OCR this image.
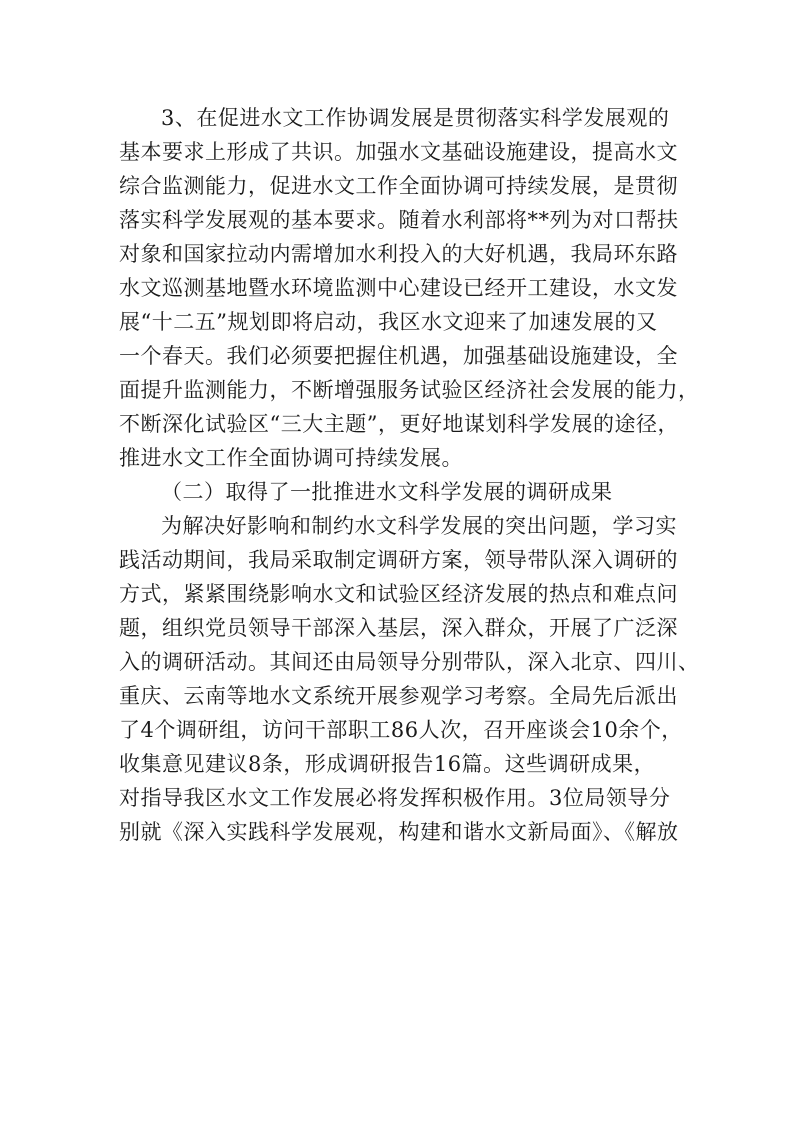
3、在促进水文工作协调发展是贯彻落实科学发展观的
基本要求上形成了共识。加强水文基础设施建设，提高水文
综合监测能力，促进水文工作全面协调可持续发展，是贯彻
落实科学发展观的基本要求。随着水利部将**列为对口帮扶
对象和国家拉动内需增加水利投入的大好机遇，我局环东路
水文巡测基地暨水环境监测中心建设已经开工建设，水文发
展“十二五”规划即将启动，我区水文迎来了加速发展的又
一个春天。我们必须要把握住机遇，加强基础设施建设，全
面提升监测能力，不断增强服务试验区经济社会发展的能力，
不断深化试验区“三大主题”，更好地谋划科学发展的途径，
推进水文工作全面协调可持续发展。
（二）取得了一批推进水文科学发展的调研成果
为解决好影响和制约水文科学发展的突出问题，学习实
践活动期间，我局采取制定调研方案，领导带队深入调研的
方式，紧紧围绕影响水文和试验区经济发展的热点和难点问
题，组织党员领导干部深入基层，深入群众，开展了广泛深
入的调研活动。其间还由局领导分别带队，深入北京、四川、
重庆、云南等地水文系统开展参观学习考察。全局先后派出
了4个调研组，访问干部职工86人次，召开座谈会10余个，
收集意见建议8条，形成调研报告16篇。这些调研成果，
对指导我区水文工作发展必将发挥积极作用。3位局领导分
别就《深入实践科学发展观，构建和谐水文新局面》、《解放
